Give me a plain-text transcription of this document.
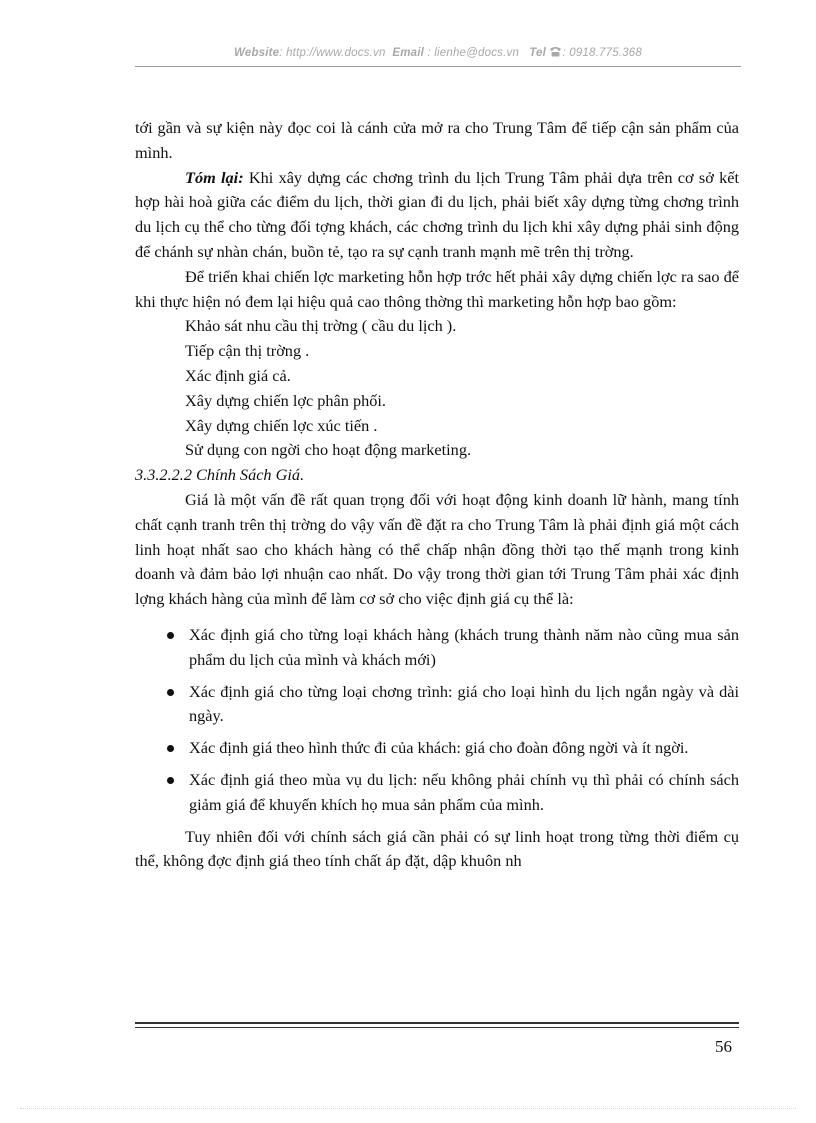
Website: http://www.docs.vn Email : lienhe@docs.vn Tel : 0918.775.368

tới gần và sự kiện này đọc coi là cánh cửa mở ra cho Trung Tâm để tiếp cận sản phẩm của mình.

Tóm lại: Khi xây dựng các chơng trình du lịch Trung Tâm phải dựa trên cơ sở kết hợp hài hoà giữa các điểm du lịch, thời gian đi du lịch, phải biết xây dựng từng chơng trình du lịch cụ thể cho từng đối tợng khách, các chơng trình du lịch khi xây dựng phải sinh động để chánh sự nhàn chán, buồn tẻ, tạo ra sự cạnh tranh mạnh mẽ trên thị trờng.

Để triển khai chiến lợc marketing hỗn hợp trớc hết phải xây dựng chiến lợc ra sao để khi thực hiện nó đem lại hiệu quả cao thông thờng thì marketing hỗn hợp bao gồm:

Khảo sát nhu cầu thị trờng ( cầu du lịch ).

Tiếp cận thị trờng .

Xác định giá cả.

Xây dựng chiến lợc phân phối.

Xây dựng chiến lợc xúc tiến .

Sử dụng con ngời cho hoạt động marketing.

3.3.2.2.2 Chính Sách Giá.

Giá là một vấn đề rất quan trọng đối với hoạt động kinh doanh lữ hành, mang tính chất cạnh tranh trên thị trờng do vậy vấn đề đặt ra cho Trung Tâm là phải định giá một cách linh hoạt nhất sao cho khách hàng có thể chấp nhận đồng thời tạo thế mạnh trong kinh doanh và đảm bảo lợi nhuận cao nhất. Do vậy trong thời gian tới Trung Tâm phải xác định lợng khách hàng của mình để làm cơ sở cho việc định giá cụ thể là:

Xác định giá cho từng loại khách hàng (khách trung thành năm nào cũng mua sản phẩm du lịch của mình và khách mới)
Xác định giá cho từng loại chơng trình: giá cho loại hình du lịch ngắn ngày và dài ngày.
Xác định giá theo hình thức đi của khách: giá cho đoàn đông ngời và ít ngời.
Xác định giá theo mùa vụ du lịch: nếu không phải chính vụ thì phải có chính sách giảm giá để khuyến khích họ mua sản phẩm của mình.

Tuy nhiên đối với chính sách giá cần phải có sự linh hoạt trong từng thời điểm cụ thể, không đợc định giá theo tính chất áp đặt, dập khuôn nh

56
